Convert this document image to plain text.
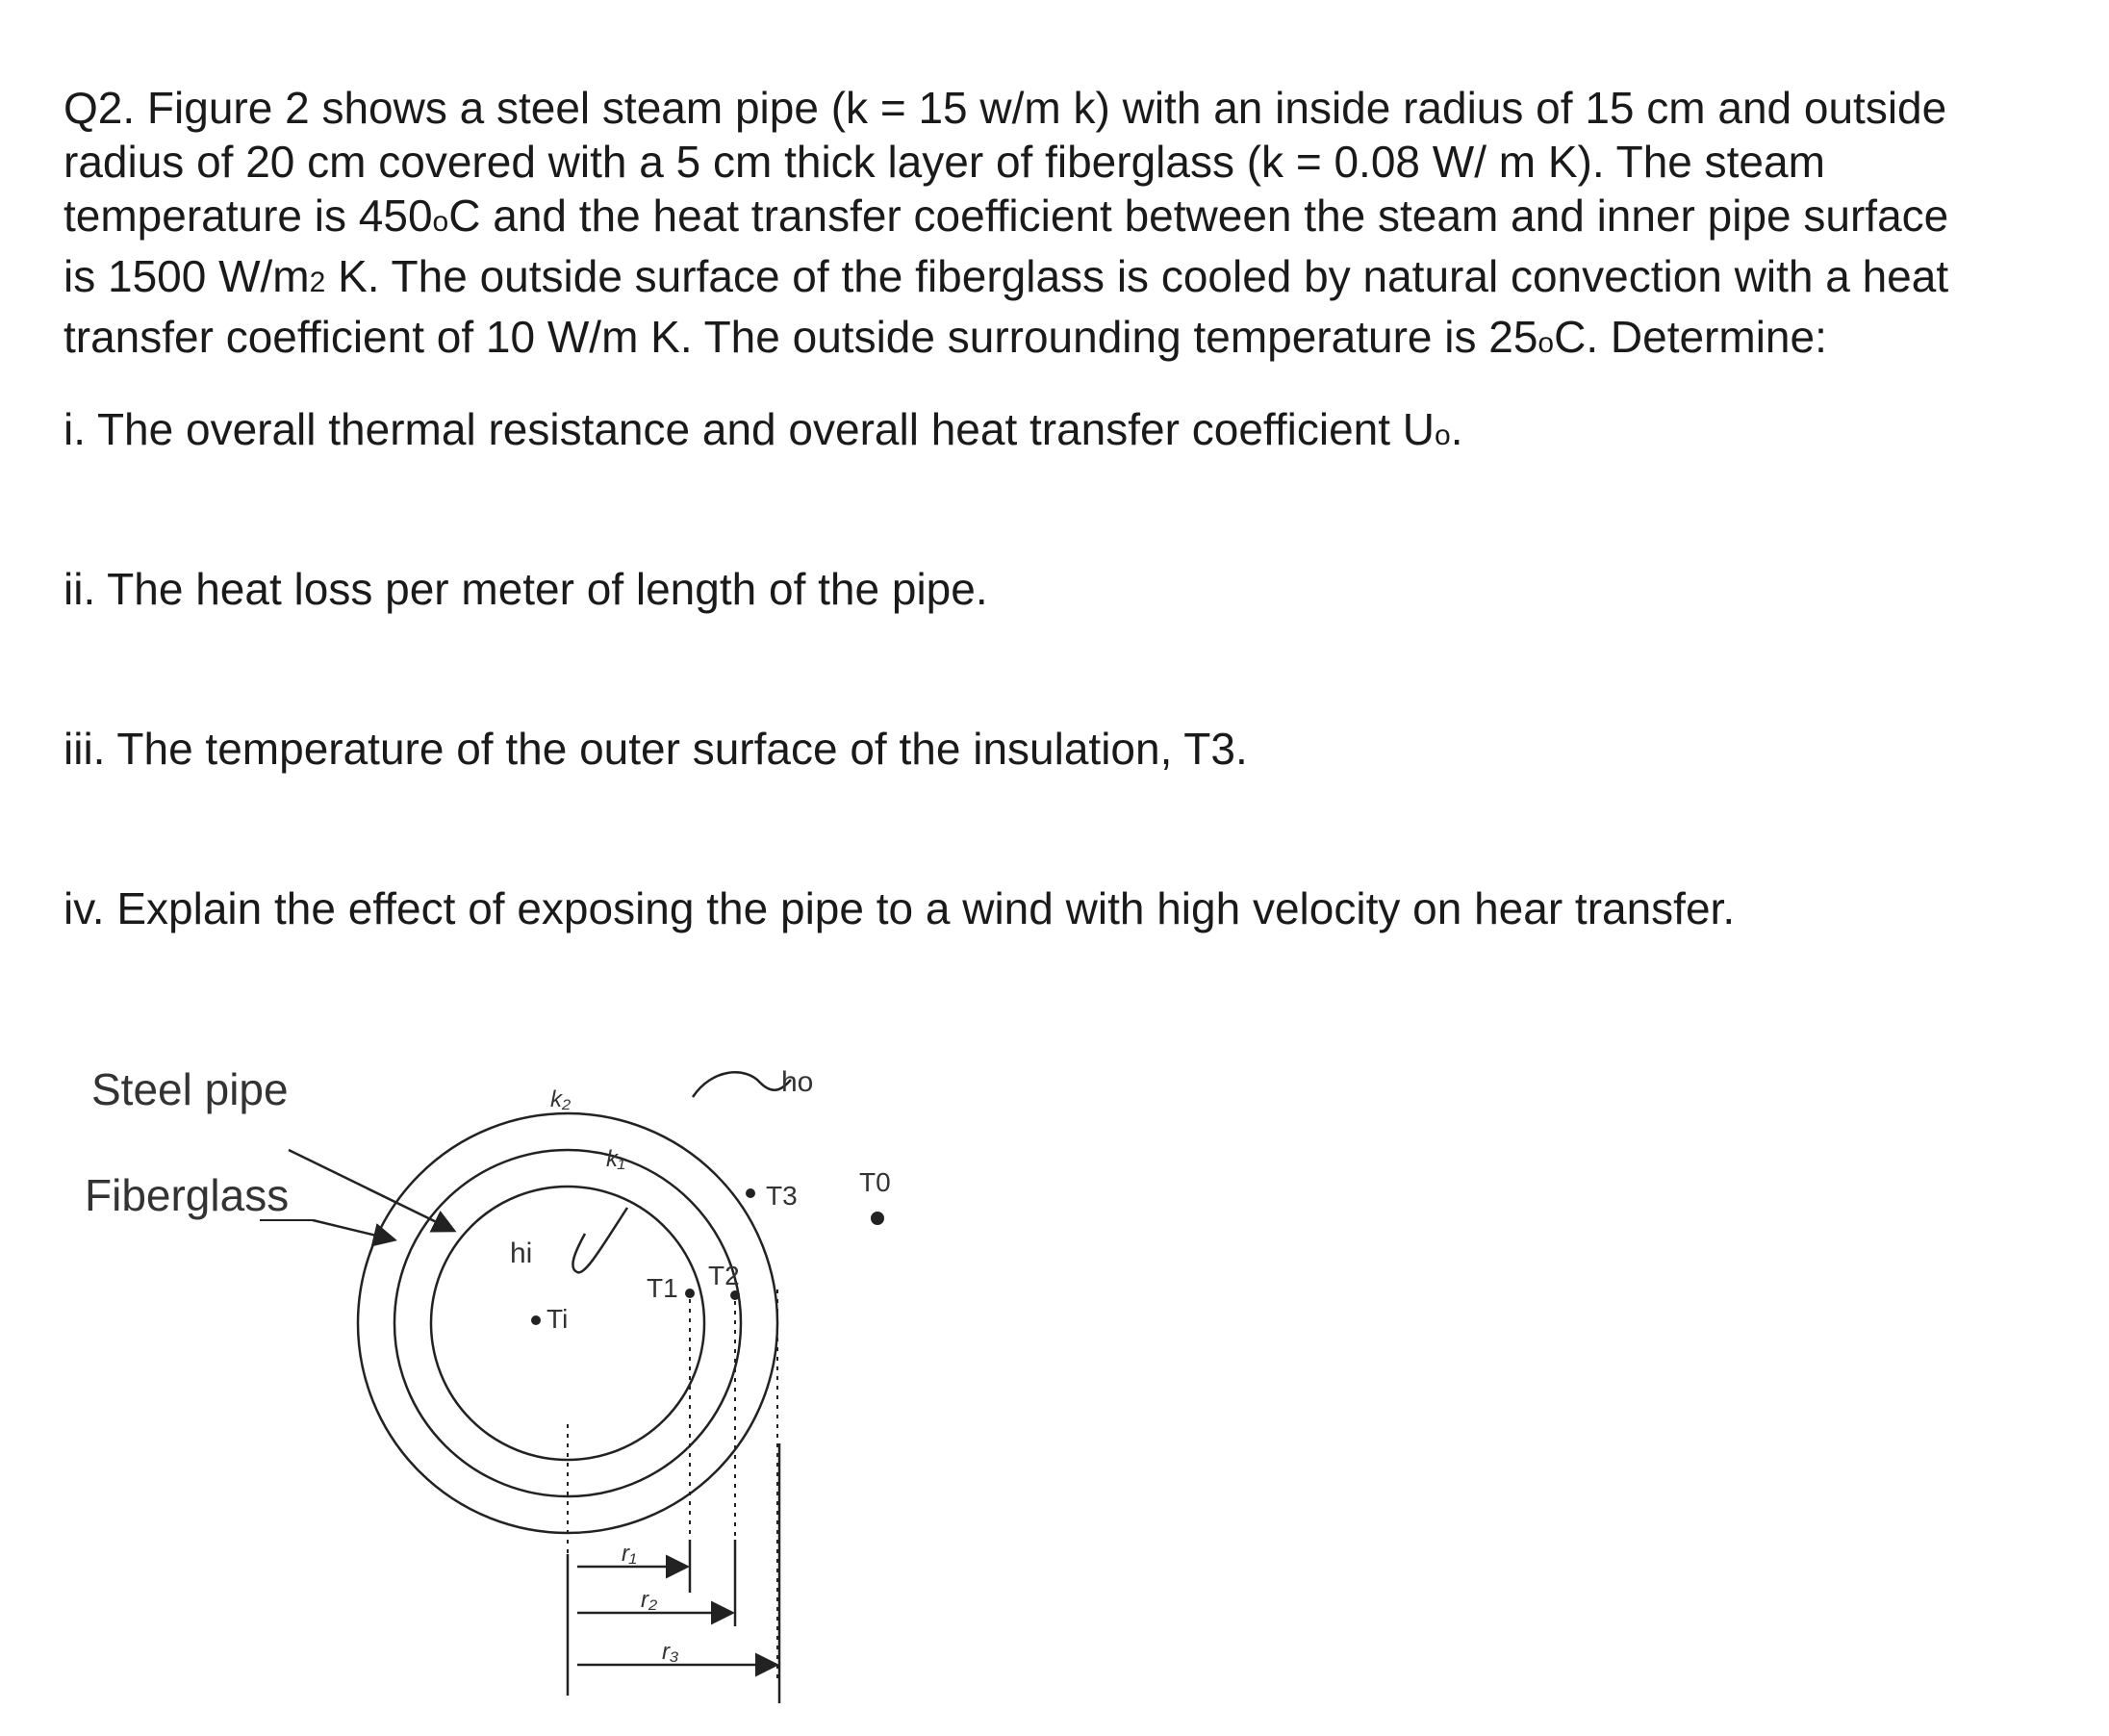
Q2. Figure 2 shows a steel steam pipe (k = 15 w/m k) with an inside radius of 15 cm and outside
radius of 20 cm covered with a 5 cm thick layer of fiberglass (k = 0.08 W/ m K). The steam
temperature is 450oC and the heat transfer coefficient between the steam and inner pipe surface
is 1500 W/m2 K. The outside surface of the fiberglass is cooled by natural convection with a heat
transfer coefficient of 10 W/m K. The outside surrounding temperature is 25oC. Determine:

i. The overall thermal resistance and overall heat transfer coefficient Uo.

ii. The heat loss per meter of length of the pipe.

iii. The temperature of the outer surface of the insulation, T3.

iv. Explain the effect of exposing the pipe to a wind with high velocity on hear transfer.

Steel pipe
Fiberglass
k₂
k₁
ho
hi
Ti
T1 T2
T3 T0
r₁
r₂
r₃
